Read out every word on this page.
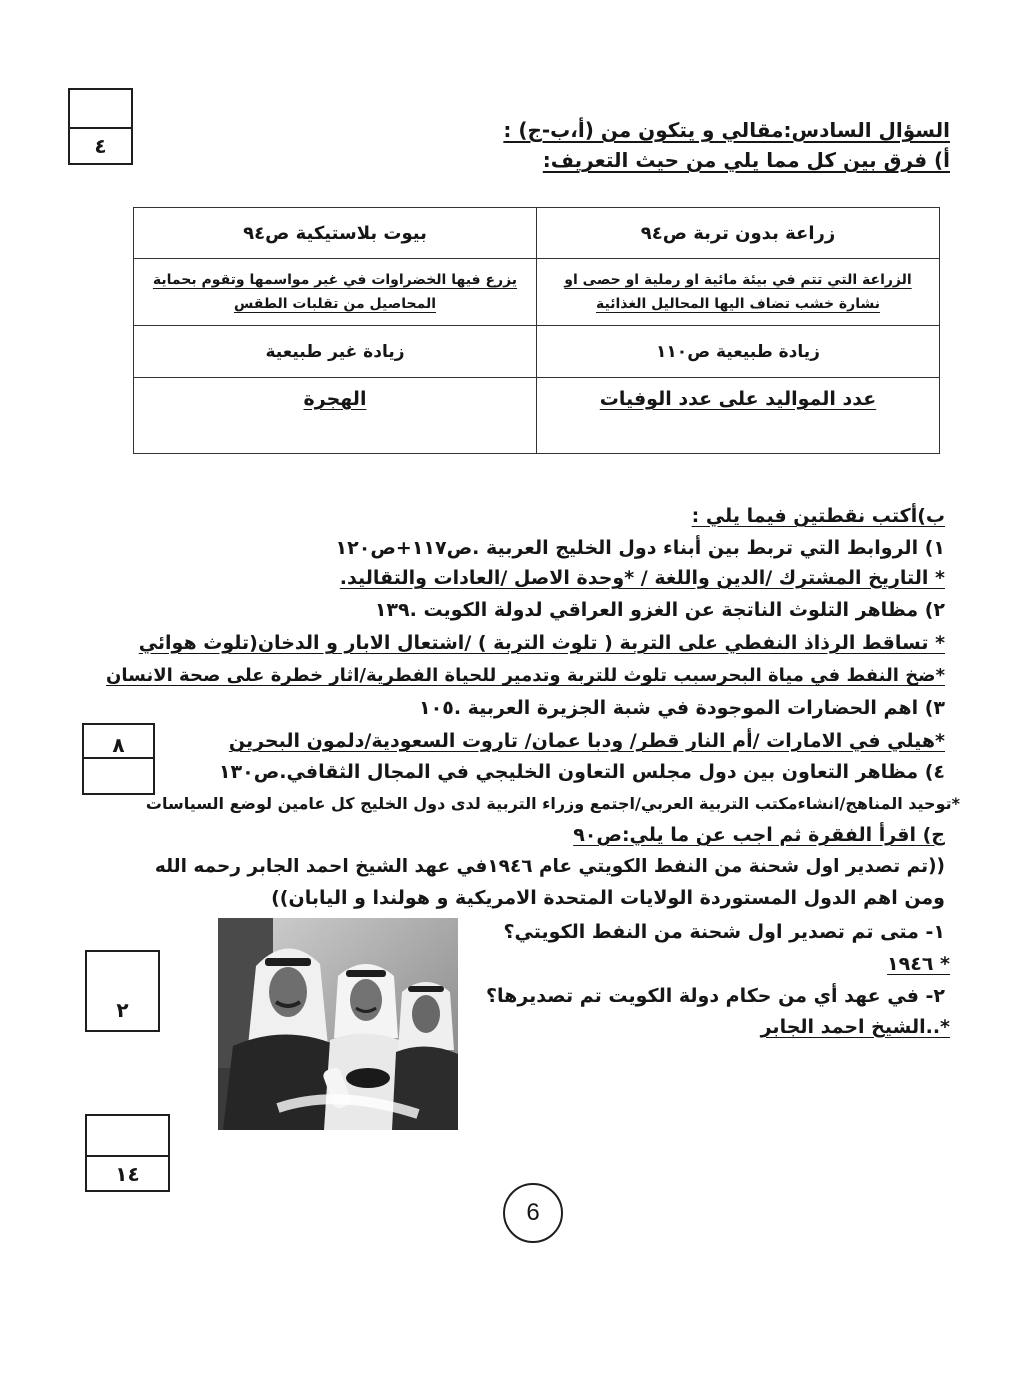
٤
٨
٢
١٤
السؤال السادس:مقالي و يتكون من (أ،ب-ج) :
أ) فرق بين كل مما يلي من حيث التعريف:
زراعة بدون تربة ص٩٤	بيوت بلاستيكية ص٩٤
الزراعة التي تتم في بيئة مائية او رملية او حصى او نشارة خشب تضاف اليها المحاليل الغذائية	يزرع فيها الخضراوات في غير مواسمها وتقوم بحماية المحاصيل من تقلبات الطقس
زيادة طبيعية ص١١٠	زيادة غير طبيعية
عدد المواليد على عدد الوفيات	الهجرة
ب)أكتب نقطتين فيما يلي :
١) الروابط التي تربط بين أبناء دول الخليج العربية .ص١١٧+ص١٢٠
* التاريخ المشترك /الدين واللغة / *وحدة الاصل /العادات والتقاليد.
٢) مظاهر التلوث الناتجة عن الغزو العراقي لدولة الكويت .١٣٩
* تساقط الرذاذ النفطي على التربة ( تلوث التربة ) /اشتعال الابار و الدخان(تلوث هوائي
*ضخ النفط في مياة البحرسبب تلوث للتربة وتدمير للحياة الفطرية/اثار خطرة على صحة الانسان
٣) اهم الحضارات الموجودة في شبة الجزيرة العربية .١٠٥
*هيلي في الامارات /أم النار قطر/ ودبا عمان/ تاروت السعودية/دلمون البحرين
٤) مظاهر التعاون بين دول مجلس التعاون الخليجي في المجال الثقافي.ص١٣٠
*توحيد المناهج/انشاءمكتب التربية العربي/اجتمع وزراء التربية لدى دول الخليج كل عامين لوضع السياسات
ج) اقرأ الفقرة ثم اجب عن ما يلي:ص٩٠
((تم تصدير اول شحنة من النفط الكويتي عام ١٩٤٦في عهد الشيخ احمد الجابر رحمه الله
ومن اهم الدول المستوردة الولايات المتحدة الامريكية و هولندا و اليابان))
١- متى تم تصدير اول شحنة من النفط الكويتي؟
* ١٩٤٦
٢- في عهد أي من حكام دولة الكويت تم تصديرها؟
*..الشيخ احمد الجابر
6
